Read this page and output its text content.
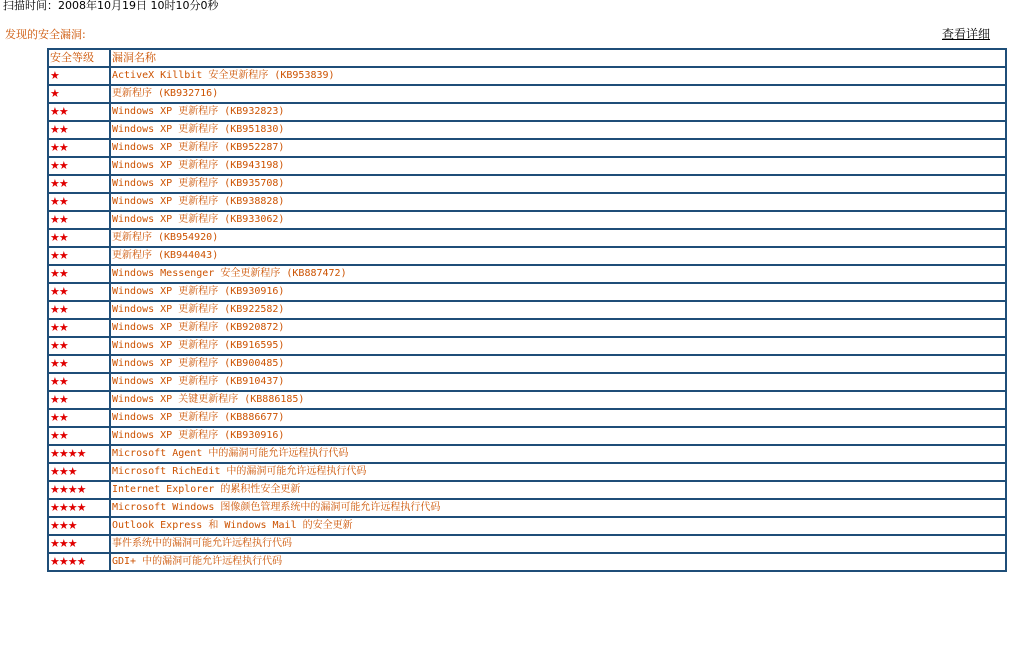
扫描时间：2008年10月19日 10时10分0秒
发现的安全漏洞:	查看详细
安全等级	漏洞名称
★	ActiveX Killbit 安全更新程序 (KB953839)
★	更新程序 (KB932716)
★★	Windows XP 更新程序 (KB932823)
★★	Windows XP 更新程序 (KB951830)
★★	Windows XP 更新程序 (KB952287)
★★	Windows XP 更新程序 (KB943198)
★★	Windows XP 更新程序 (KB935708)
★★	Windows XP 更新程序 (KB938828)
★★	Windows XP 更新程序 (KB933062)
★★	更新程序 (KB954920)
★★	更新程序 (KB944043)
★★	Windows Messenger 安全更新程序 (KB887472)
★★	Windows XP 更新程序 (KB930916)
★★	Windows XP 更新程序 (KB922582)
★★	Windows XP 更新程序 (KB920872)
★★	Windows XP 更新程序 (KB916595)
★★	Windows XP 更新程序 (KB900485)
★★	Windows XP 更新程序 (KB910437)
★★	Windows XP 关键更新程序 (KB886185)
★★	Windows XP 更新程序 (KB886677)
★★	Windows XP 更新程序 (KB930916)
★★★★	Microsoft Agent 中的漏洞可能允许远程执行代码
★★★	Microsoft RichEdit 中的漏洞可能允许远程执行代码
★★★★	Internet Explorer 的累积性安全更新
★★★★	Microsoft Windows 图像颜色管理系统中的漏洞可能允许远程执行代码
★★★	Outlook Express 和 Windows Mail 的安全更新
★★★	事件系统中的漏洞可能允许远程执行代码
★★★★	GDI+ 中的漏洞可能允许远程执行代码
